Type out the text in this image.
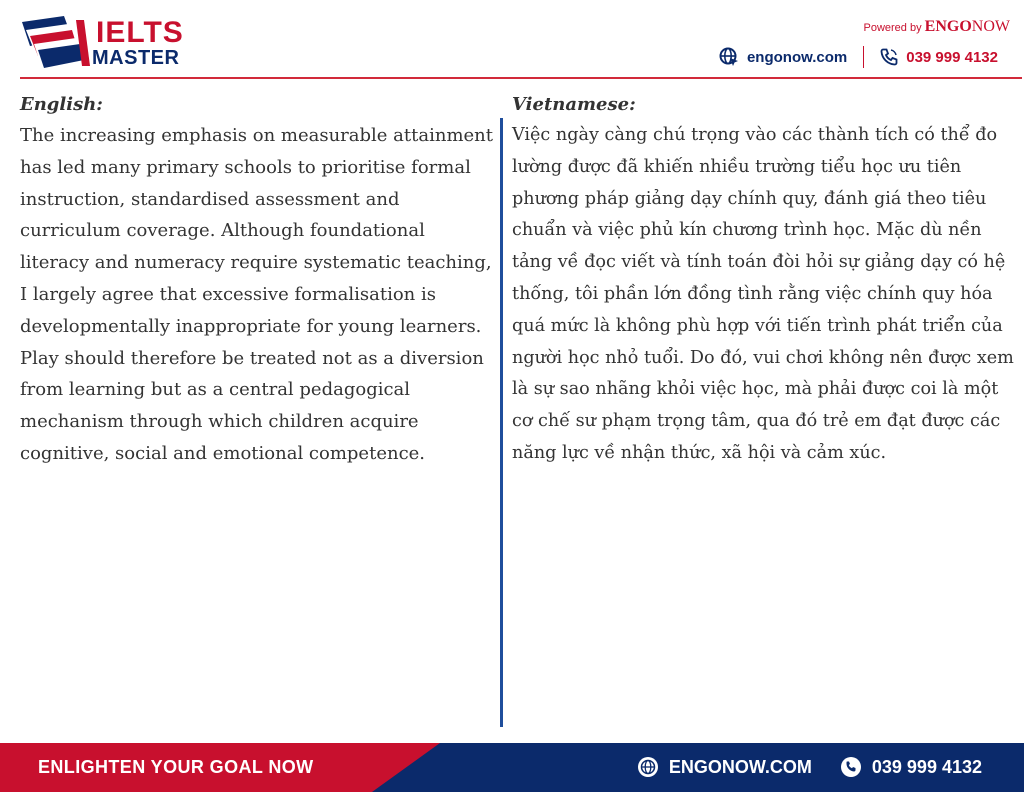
IELTS
MASTER
Powered by ENGONOW
engonow.com	039 999 4132

English:

The increasing emphasis on measurable attainment has led many primary schools to prioritise formal instruction, standardised assessment and curriculum coverage. Although foundational literacy and numeracy require systematic teaching, I largely agree that excessive formalisation is developmentally inappropriate for young learners. Play should therefore be treated not as a diversion from learning but as a central pedagogical mechanism through which children acquire cognitive, social and emotional competence.

Vietnamese:

Việc ngày càng chú trọng vào các thành tích có thể đo lường được đã khiến nhiều trường tiểu học ưu tiên phương pháp giảng dạy chính quy, đánh giá theo tiêu chuẩn và việc phủ kín chương trình học. Mặc dù nền tảng về đọc viết và tính toán đòi hỏi sự giảng dạy có hệ thống, tôi phần lớn đồng tình rằng việc chính quy hóa quá mức là không phù hợp với tiến trình phát triển của người học nhỏ tuổi. Do đó, vui chơi không nên được xem là sự sao nhãng khỏi việc học, mà phải được coi là một cơ chế sư phạm trọng tâm, qua đó trẻ em đạt được các năng lực về nhận thức, xã hội và cảm xúc.

ENLIGHTEN YOUR GOAL NOW	ENGONOW.COM	039 999 4132
